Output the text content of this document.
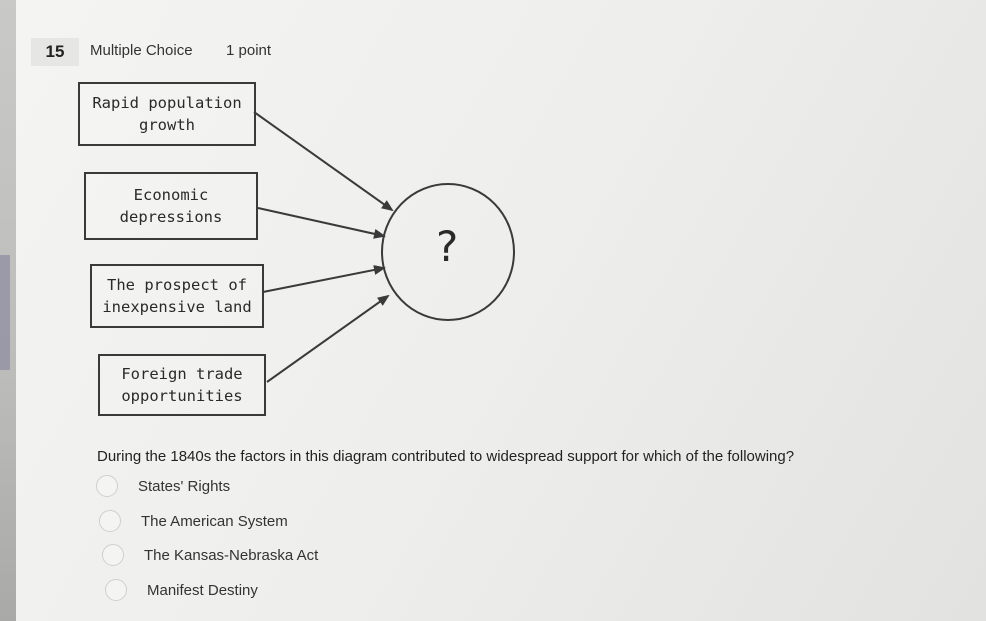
15	Multiple Choice 1 point
Rapid population
growth
Economic
depressions
The prospect of
inexpensive land
Foreign trade
opportunities
?
During the 1840s the factors in this diagram contributed to widespread support for which of the following?
States' Rights
The American System
The Kansas-Nebraska Act
Manifest Destiny
